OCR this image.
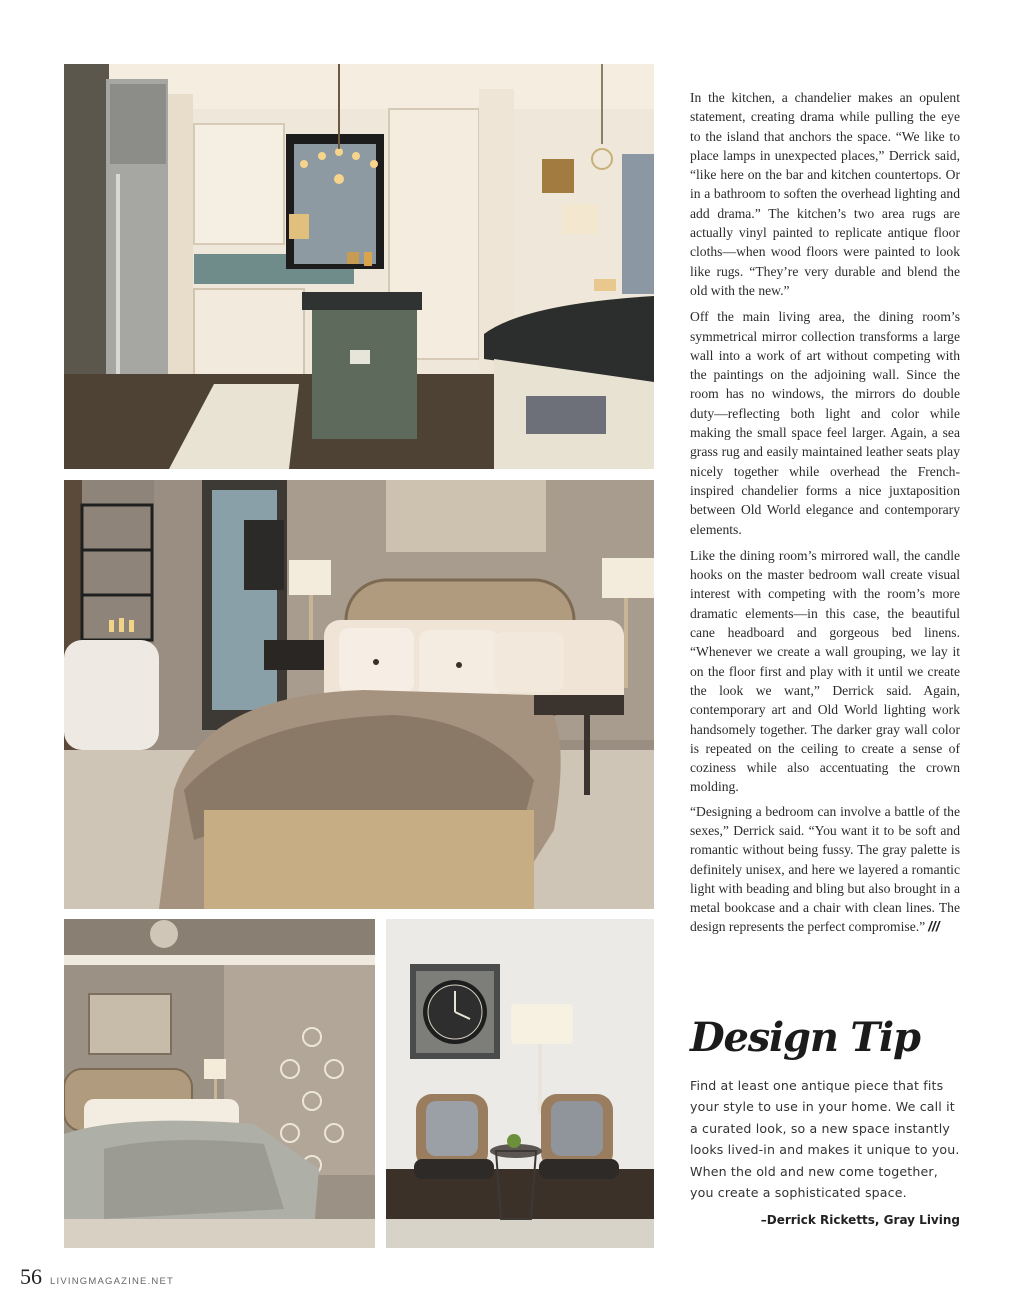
In the kitchen, a chandelier makes an opulent statement, creating drama while pulling the eye to the island that anchors the space. “We like to place lamps in unexpected places,” Derrick said, “like here on the bar and kitchen countertops. Or in a bathroom to soften the overhead lighting and add drama.” The kitchen’s two area rugs are actually vinyl painted to replicate antique floor cloths—when wood floors were painted to look like rugs. “They’re very durable and blend the old with the new.”

Off the main living area, the dining room’s symmetrical mirror collection transforms a large wall into a work of art without competing with the paintings on the adjoining wall. Since the room has no windows, the mirrors do double duty—reflecting both light and color while making the small space feel larger. Again, a sea grass rug and easily maintained leather seats play nicely together while overhead the French-inspired chandelier forms a nice juxtaposition between Old World elegance and contemporary elements.

Like the dining room’s mirrored wall, the candle hooks on the master bedroom wall create visual interest with competing with the room’s more dramatic elements—in this case, the beautiful cane headboard and gorgeous bed linens. “Whenever we create a wall grouping, we lay it on the floor first and play with it until we create the look we want,” Derrick said. Again, contemporary art and Old World lighting work handsomely together. The darker gray wall color is repeated on the ceiling to create a sense of coziness while also accentuating the crown molding.

“Designing a bedroom can involve a battle of the sexes,” Derrick said. “You want it to be soft and romantic without being fussy. The gray palette is definitely unisex, and here we layered a romantic light with beading and bling but also brought in a metal bookcase and a chair with clean lines. The design represents the perfect compromise.” ///

Design Tip

Find at least one antique piece that fits your style to use in your home. We call it a curated look, so a new space instantly looks lived-in and makes it unique to you. When the old and new come together, you create a sophisticated space.

–Derrick Ricketts, Gray Living

56 LIVINGMAGAZINE.NET
